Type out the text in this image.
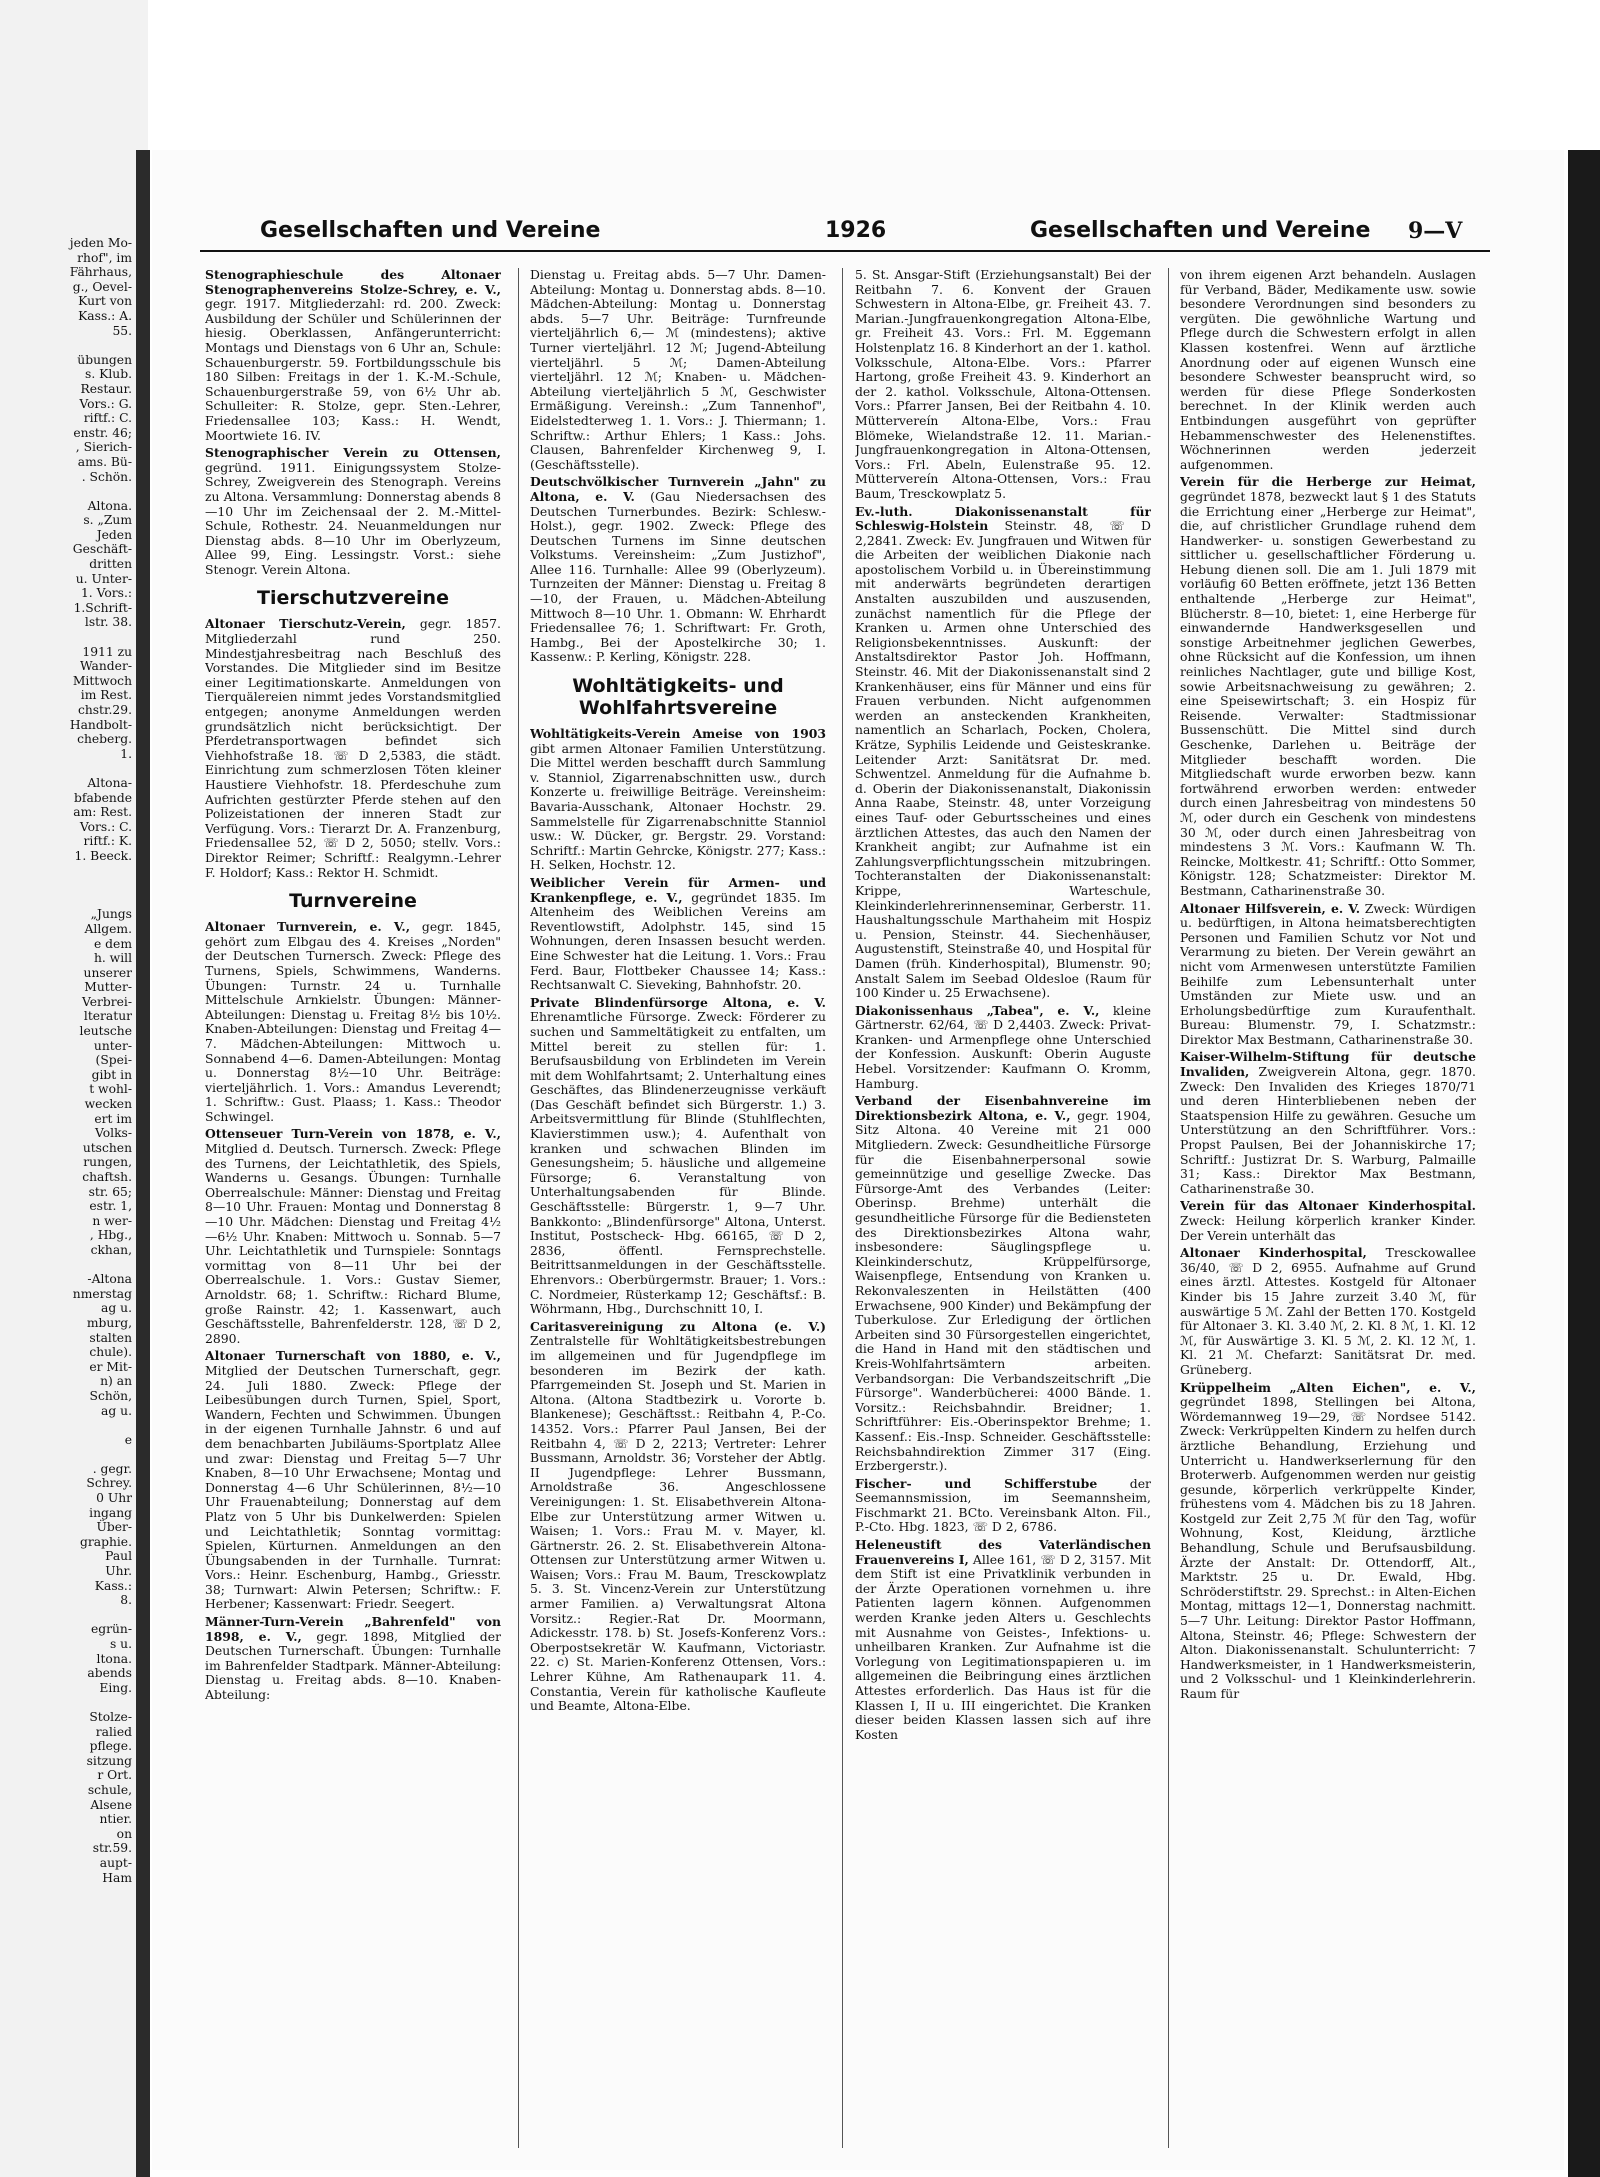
jeden Mo-
rhof", im
Fährhaus,
g., Oevel-
Kurt von
Kass.: A.
55.

übungen
s. Klub.
Restaur.
Vors.: G.
riftf.: C.
enstr. 46;
, Sierich-
ams. Bü-
. Schön.

Altona.
s. „Zum
Jeden
Geschäft-
dritten
u. Unter-
1. Vors.:
1.Schrift-
lstr. 38.

1911 zu
Wander-
Mittwoch
im Rest.
chstr.29.
Handbolt-
cheberg.
1.

Altona-
bfabende
am: Rest.
Vors.: C.
riftf.: K.
1. Beeck.

„Jungs
Allgem.
e dem
h. will
unserer
Mutter-
Verbrei-
lteratur
leutsche
unter-
(Spei-
gibt in
t wohl-
wecken
ert im
Volks-
utschen
rungen,
chaftsh.
str. 65;
estr. 1,
n wer-
, Hbg.,
ckhan,

-Altona
nmerstag
ag u.
mburg,
stalten
chule).
er Mit-
n) an
Schön,
ag u.

e

. gegr.
Schrey.
0 Uhr
ingang
Über-
graphie.
Paul
Uhr.
Kass.:
8.

egrün-
s u.
ltona.
abends
Eing.

Stolze-
ralied
pflege.
sitzung
r Ort.
schule,
Alsene
ntier.
on
str.59.
aupt-
Ham
Gesellschaften und Vereine	1926	Gesellschaften und Vereine 9—V

Stenographieschule des Altonaer Stenographenvereins Stolze-Schrey, e. V., gegr. 1917. Mitgliederzahl: rd. 200. Zweck: Ausbildung der Schüler und Schülerinnen der hiesig. Oberklassen, Anfängerunterricht: Montags und Dienstags von 6 Uhr an, Schule: Schauenburgerstr. 59. Fortbildungsschule bis 180 Silben: Freitags in der 1. K.-M.-Schule, Schauenburgerstraße 59, von 6½ Uhr ab. Schulleiter: R. Stolze, gepr. Sten.-Lehrer, Friedensallee 103; Kass.: H. Wendt, Moortwiete 16. IV.

Stenographischer Verein zu Ottensen, gegründ. 1911. Einigungssystem Stolze-Schrey, Zweigverein des Stenograph. Vereins zu Altona. Versammlung: Donnerstag abends 8—10 Uhr im Zeichensaal der 2. M.-Mittel-Schule, Rothestr. 24. Neuanmeldungen nur Dienstag abds. 8—10 Uhr im Oberlyzeum, Allee 99, Eing. Lessingstr. Vorst.: siehe Stenogr. Verein Altona.

Tierschutzvereine

Altonaer Tierschutz-Verein, gegr. 1857. Mitgliederzahl rund 250. Mindestjahresbeitrag nach Beschluß des Vorstandes. Die Mitglieder sind im Besitze einer Legitimationskarte. Anmeldungen von Tierquälereien nimmt jedes Vorstandsmitglied entgegen; anonyme Anmeldungen werden grundsätzlich nicht berücksichtigt. Der Pferdetransportwagen befindet sich Viehhofstraße 18. ☏ D 2,5383, die städt. Einrichtung zum schmerzlosen Töten kleiner Haustiere Viehhofstr. 18. Pferdeschuhe zum Aufrichten gestürzter Pferde stehen auf den Polizeistationen der inneren Stadt zur Verfügung. Vors.: Tierarzt Dr. A. Franzenburg, Friedensallee 52, ☏ D 2, 5050; stellv. Vors.: Direktor Reimer; Schriftf.: Realgymn.-Lehrer F. Holdorf; Kass.: Rektor H. Schmidt.

Turnvereine

Altonaer Turnverein, e. V., gegr. 1845, gehört zum Elbgau des 4. Kreises „Norden" der Deutschen Turnersch. Zweck: Pflege des Turnens, Spiels, Schwimmens, Wanderns. Übungen: Turnstr. 24 u. Turnhalle Mittelschule Arnkielstr. Übungen: Männer-Abteilungen: Dienstag u. Freitag 8½ bis 10½. Knaben-Abteilungen: Dienstag und Freitag 4—7. Mädchen-Abteilungen: Mittwoch u. Sonnabend 4—6. Damen-Abteilungen: Montag u. Donnerstag 8½—10 Uhr. Beiträge: vierteljährlich. 1. Vors.: Amandus Leverendt; 1. Schriftw.: Gust. Plaass; 1. Kass.: Theodor Schwingel.

Ottenseuer Turn-Verein von 1878, e. V., Mitglied d. Deutsch. Turnersch. Zweck: Pflege des Turnens, der Leichtathletik, des Spiels, Wanderns u. Gesangs. Übungen: Turnhalle Oberrealschule: Männer: Dienstag und Freitag 8—10 Uhr. Frauen: Montag und Donnerstag 8—10 Uhr. Mädchen: Dienstag und Freitag 4½—6½ Uhr. Knaben: Mittwoch u. Sonnab. 5—7 Uhr. Leichtathletik und Turnspiele: Sonntags vormittag von 8—11 Uhr bei der Oberrealschule. 1. Vors.: Gustav Siemer, Arnoldstr. 68; 1. Schriftw.: Richard Blume, große Rainstr. 42; 1. Kassenwart, auch Geschäftsstelle, Bahrenfelderstr. 128, ☏ D 2, 2890.

Altonaer Turnerschaft von 1880, e. V., Mitglied der Deutschen Turnerschaft, gegr. 24. Juli 1880. Zweck: Pflege der Leibesübungen durch Turnen, Spiel, Sport, Wandern, Fechten und Schwimmen. Übungen in der eigenen Turnhalle Jahnstr. 6 und auf dem benachbarten Jubiläums-Sportplatz Allee und zwar: Dienstag und Freitag 5—7 Uhr Knaben, 8—10 Uhr Erwachsene; Montag und Donnerstag 4—6 Uhr Schülerinnen, 8½—10 Uhr Frauenabteilung; Donnerstag auf dem Platz von 5 Uhr bis Dunkelwerden: Spielen und Leichtathletik; Sonntag vormittag: Spielen, Kürturnen. Anmeldungen an den Übungsabenden in der Turnhalle. Turnrat: Vors.: Heinr. Eschenburg, Hambg., Griesstr. 38; Turnwart: Alwin Petersen; Schriftw.: F. Herbener; Kassenwart: Friedr. Seegert.

Männer-Turn-Verein „Bahrenfeld" von 1898, e. V., gegr. 1898, Mitglied der Deutschen Turnerschaft. Übungen: Turnhalle im Bahrenfelder Stadtpark. Männer-Abteilung: Dienstag u. Freitag abds. 8—10. Knaben-Abteilung:

Dienstag u. Freitag abds. 5—7 Uhr. Damen-Abteilung: Montag u. Donnerstag abds. 8—10. Mädchen-Abteilung: Montag u. Donnerstag abds. 5—7 Uhr. Beiträge: Turnfreunde vierteljährlich 6,— ℳ (mindestens); aktive Turner vierteljährl. 12 ℳ; Jugend-Abteilung vierteljährl. 5 ℳ; Damen-Abteilung vierteljährl. 12 ℳ; Knaben- u. Mädchen-Abteilung vierteljährlich 5 ℳ, Geschwister Ermäßigung. Vereinsh.: „Zum Tannenhof", Eidelstedterweg 1. 1. Vors.: J. Thiermann; 1. Schriftw.: Arthur Ehlers; 1 Kass.: Johs. Clausen, Bahrenfelder Kirchenweg 9, I. (Geschäftsstelle).

Deutschvölkischer Turnverein „Jahn" zu Altona, e. V. (Gau Niedersachsen des Deutschen Turnerbundes. Bezirk: Schlesw.-Holst.), gegr. 1902. Zweck: Pflege des Deutschen Turnens im Sinne deutschen Volkstums. Vereinsheim: „Zum Justizhof", Allee 116. Turnhalle: Allee 99 (Oberlyzeum). Turnzeiten der Männer: Dienstag u. Freitag 8—10, der Frauen, u. Mädchen-Abteilung Mittwoch 8—10 Uhr. 1. Obmann: W. Ehrhardt Friedensallee 76; 1. Schriftwart: Fr. Groth, Hambg., Bei der Apostelkirche 30; 1. Kassenw.: P. Kerling, Königstr. 228.

Wohltätigkeits- und Wohlfahrtsvereine

Wohltätigkeits-Verein Ameise von 1903 gibt armen Altonaer Familien Unterstützung. Die Mittel werden beschafft durch Sammlung v. Stanniol, Zigarrenabschnitten usw., durch Konzerte u. freiwillige Beiträge. Vereinsheim: Bavaria-Ausschank, Altonaer Hochstr. 29. Sammelstelle für Zigarrenabschnitte Stanniol usw.: W. Dücker, gr. Bergstr. 29. Vorstand: Schriftf.: Martin Gehrcke, Königstr. 277; Kass.: H. Selken, Hochstr. 12.

Weiblicher Verein für Armen- und Krankenpflege, e. V., gegründet 1835. Im Altenheim des Weiblichen Vereins am Reventlowstift, Adolphstr. 145, sind 15 Wohnungen, deren Insassen besucht werden. Eine Schwester hat die Leitung. 1. Vors.: Frau Ferd. Baur, Flottbeker Chaussee 14; Kass.: Rechtsanwalt C. Sieveking, Bahnhofstr. 20.

Private Blindenfürsorge Altona, e. V. Ehrenamtliche Fürsorge. Zweck: Förderer zu suchen und Sammeltätigkeit zu entfalten, um Mittel bereit zu stellen für: 1. Berufsausbildung von Erblindeten im Verein mit dem Wohlfahrtsamt; 2. Unterhaltung eines Geschäftes, das Blindenerzeugnisse verkäuft (Das Geschäft befindet sich Bürgerstr. 1.) 3. Arbeitsvermittlung für Blinde (Stuhlflechten, Klavierstimmen usw.); 4. Aufenthalt von kranken und schwachen Blinden im Genesungsheim; 5. häusliche und allgemeine Fürsorge; 6. Veranstaltung von Unterhaltungsabenden für Blinde. Geschäftsstelle: Bürgerstr. 1, 9—7 Uhr. Bankkonto: „Blindenfürsorge" Altona, Unterst. Institut, Postscheck- Hbg. 66165, ☏ D 2, 2836, öffentl. Fernsprechstelle. Beitrittsanmeldungen in der Geschäftsstelle. Ehrenvors.: Oberbürgermstr. Brauer; 1. Vors.: C. Nordmeier, Rüsterkamp 12; Geschäftsf.: B. Wöhrmann, Hbg., Durchschnitt 10, I.

Caritasvereinigung zu Altona (e. V.) Zentralstelle für Wohltätigkeitsbestrebungen im allgemeinen und für Jugendpflege im besonderen im Bezirk der kath. Pfarrgemeinden St. Joseph und St. Marien in Altona. (Altona Stadtbezirk u. Vororte b. Blankenese); Geschäftsst.: Reitbahn 4, P.-Co. 14352. Vors.: Pfarrer Paul Jansen, Bei der Reitbahn 4, ☏ D 2, 2213; Vertreter: Lehrer Bussmann, Arnoldstr. 36; Vorsteher der Abtlg. II Jugendpflege: Lehrer Bussmann, Arnoldstraße 36. Angeschlossene Vereinigungen: 1. St. Elisabethverein Altona-Elbe zur Unterstützung armer Witwen u. Waisen; 1. Vors.: Frau M. v. Mayer, kl. Gärtnerstr. 26. 2. St. Elisabethverein Altona-Ottensen zur Unterstützung armer Witwen u. Waisen; Vors.: Frau M. Baum, Tresckowplatz 5. 3. St. Vincenz-Verein zur Unterstützung armer Familien. a) Verwaltungsrat Altona Vorsitz.: Regier.-Rat Dr. Moormann, Adickesstr. 178. b) St. Josefs-Konferenz Vors.: Oberpostsekretär W. Kaufmann, Victoriastr. 22. c) St. Marien-Konferenz Ottensen, Vors.: Lehrer Kühne, Am Rathenaupark 11. 4. Constantia, Verein für katholische Kaufleute und Beamte, Altona-Elbe.

5. St. Ansgar-Stift (Erziehungsanstalt) Bei der Reitbahn 7. 6. Konvent der Grauen Schwestern in Altona-Elbe, gr. Freiheit 43. 7. Marian.-Jungfrauenkongregation Altona-Elbe, gr. Freiheit 43. Vors.: Frl. M. Eggemann Holstenplatz 16. 8 Kinderhort an der 1. kathol. Volksschule, Altona-Elbe. Vors.: Pfarrer Hartong, große Freiheit 43. 9. Kinderhort an der 2. kathol. Volksschule, Altona-Ottensen. Vors.: Pfarrer Jansen, Bei der Reitbahn 4. 10. Müttervereín Altona-Elbe, Vors.: Frau Blömeke, Wielandstraße 12. 11. Marian.-Jungfrauenkongregation in Altona-Ottensen, Vors.: Frl. Abeln, Eulenstraße 95. 12. Müttervereín Altona-Ottensen, Vors.: Frau Baum, Tresckowplatz 5.

Ev.-luth. Diakonissenanstalt für Schleswig-Holstein Steinstr. 48, ☏ D 2,2841. Zweck: Ev. Jungfrauen und Witwen für die Arbeiten der weiblichen Diakonie nach apostolischem Vorbild u. in Übereinstimmung mit anderwärts begründeten derartigen Anstalten auszubilden und auszusenden, zunächst namentlich für die Pflege der Kranken u. Armen ohne Unterschied des Religionsbekenntnisses. Auskunft: der Anstaltsdirektor Pastor Joh. Hoffmann, Steinstr. 46. Mit der Diakonissenanstalt sind 2 Krankenhäuser, eins für Männer und eins für Frauen verbunden. Nicht aufgenommen werden an ansteckenden Krankheiten, namentlich an Scharlach, Pocken, Cholera, Krätze, Syphilis Leidende und Geisteskranke. Leitender Arzt: Sanitätsrat Dr. med. Schwentzel. Anmeldung für die Aufnahme b. d. Oberin der Diakonissenanstalt, Diakonissin Anna Raabe, Steinstr. 48, unter Vorzeigung eines Tauf- oder Geburtsscheines und eines ärztlichen Attestes, das auch den Namen der Krankheit angibt; zur Aufnahme ist ein Zahlungsverpflichtungsschein mitzubringen. Tochteranstalten der Diakonissenanstalt: Krippe, Warteschule, Kleinkinderlehrerinnenseminar, Gerberstr. 11. Haushaltungsschule Marthaheim mit Hospiz u. Pension, Steinstr. 44. Siechenhäuser, Augustenstift, Steinstraße 40, und Hospital für Damen (früh. Kinderhospital), Blumenstr. 90; Anstalt Salem im Seebad Oldesloe (Raum für 100 Kinder u. 25 Erwachsene).

Diakonissenhaus „Tabea", e. V., kleine Gärtnerstr. 62/64, ☏ D 2,4403. Zweck: Privat-Kranken- und Armenpflege ohne Unterschied der Konfession. Auskunft: Oberin Auguste Hebel. Vorsitzender: Kaufmann O. Kromm, Hamburg.

Verband der Eisenbahnvereine im Direktionsbezirk Altona, e. V., gegr. 1904, Sitz Altona. 40 Vereine mit 21 000 Mitgliedern. Zweck: Gesundheitliche Fürsorge für die Eisenbahnerpersonal sowie gemeinnützige und gesellige Zwecke. Das Fürsorge-Amt des Verbandes (Leiter: Oberinsp. Brehme) unterhält die gesundheitliche Fürsorge für die Bediensteten des Direktionsbezirkes Altona wahr, insbesondere: Säuglingspflege u. Kleinkinderschutz, Krüppelfürsorge, Waisenpflege, Entsendung von Kranken u. Rekonvaleszenten in Heilstätten (400 Erwachsene, 900 Kinder) und Bekämpfung der Tuberkulose. Zur Erledigung der örtlichen Arbeiten sind 30 Fürsorgestellen eingerichtet, die Hand in Hand mit den städtischen und Kreis-Wohlfahrtsämtern arbeiten. Verbandsorgan: Die Verbandszeitschrift „Die Fürsorge". Wanderbücherei: 4000 Bände. 1. Vorsitz.: Reichsbahndir. Breidner; 1. Schriftführer: Eis.-Oberinspektor Brehme; 1. Kassenf.: Eis.-Insp. Schneider. Geschäftsstelle: Reichsbahndirektion Zimmer 317 (Eing. Erzbergerstr.).

Fischer- und Schifferstube	der Seemannsmission, im Seemannsheim, Fischmarkt 21. BCto. Vereinsbank Alton. Fil., P.-Cto. Hbg. 1823, ☏ D 2, 6786.

Heleneustift des Vaterländischen Frauenvereins I, Allee 161, ☏ D 2, 3157. Mit dem Stift ist eine Privatklinik verbunden in der Ärzte Operationen vornehmen u. ihre Patienten lagern können. Aufgenommen werden Kranke jeden Alters u. Geschlechts mit Ausnahme von Geistes-, Infektions- u. unheilbaren Kranken. Zur Aufnahme ist die Vorlegung von Legitimationspapieren u. im allgemeinen die Beibringung eines ärztlichen Attestes erforderlich. Das Haus ist für die Klassen I, II u. III eingerichtet. Die Kranken dieser beiden Klassen lassen sich auf ihre Kosten

von ihrem eigenen Arzt behandeln. Auslagen für Verband, Bäder, Medikamente usw. sowie besondere Verordnungen sind besonders zu vergüten. Die gewöhnliche Wartung und Pflege durch die Schwestern erfolgt in allen Klassen kostenfrei. Wenn auf ärztliche Anordnung oder auf eigenen Wunsch eine besondere Schwester beansprucht wird, so werden für diese Pflege Sonderkosten berechnet. In der Klinik werden auch Entbindungen ausgeführt von geprüfter Hebammenschwester des Helenenstiftes. Wöchnerinnen werden jederzeit aufgenommen.

Verein für die Herberge zur Heimat, gegründet 1878, bezweckt laut § 1 des Statuts die Errichtung einer „Herberge zur Heimat", die, auf christlicher Grundlage ruhend dem Handwerker- u. sonstigen Gewerbestand zu sittlicher u. gesellschaftlicher Förderung u. Hebung dienen soll. Die am 1. Juli 1879 mit vorläufig 60 Betten eröffnete, jetzt 136 Betten enthaltende „Herberge zur Heimat", Blücherstr. 8—10, bietet: 1, eine Herberge für einwandernde Handwerksgesellen und sonstige Arbeitnehmer jeglichen Gewerbes, ohne Rücksicht auf die Konfession, um ihnen reinliches Nachtlager, gute und billige Kost, sowie Arbeitsnachweisung zu gewähren; 2. eine Speisewirtschaft; 3. ein Hospiz für Reisende. Verwalter: Stadtmissionar Bussenschütt. Die Mittel sind durch Geschenke, Darlehen u. Beiträge der Mitglieder beschafft worden. Die Mitgliedschaft wurde erworben bezw. kann fortwährend erworben werden: entweder durch einen Jahresbeitrag von mindestens 50 ℳ, oder durch ein Geschenk von mindestens 30 ℳ, oder durch einen Jahresbeitrag von mindestens 3 ℳ. Vors.: Kaufmann W. Th. Reincke, Moltkestr. 41; Schriftf.: Otto Sommer, Königstr. 128; Schatzmeister: Direktor M. Bestmann, Catharinenstraße 30.

Altonaer Hilfsverein, e. V. Zweck: Würdigen u. bedürftigen, in Altona heimatsberechtigten Personen und Familien Schutz vor Not und Verarmung zu bieten. Der Verein gewährt an nicht vom Armenwesen unterstützte Familien Beihilfe zum Lebensunterhalt unter Umständen zur Miete usw. und an Erholungsbedürftige zum Kuraufenthalt. Bureau: Blumenstr. 79, I. Schatzmstr.: Direktor Max Bestmann, Catharinenstraße 30.

Kaiser-Wilhelm-Stiftung für deutsche Invaliden, Zweigverein Altona, gegr. 1870. Zweck: Den Invaliden des Krieges 1870/71 und deren Hinterbliebenen neben der Staatspension Hilfe zu gewähren. Gesuche um Unterstützung an den Schriftführer. Vors.: Propst Paulsen, Bei der Johanniskirche 17; Schriftf.: Justizrat Dr. S. Warburg, Palmaille 31; Kass.: Direktor Max Bestmann, Catharinenstraße 30.

Verein für das Altonaer Kinderhospital. Zweck: Heilung körperlich kranker Kinder. Der Verein unterhält das

Altonaer Kinderhospital, Tresckowallee 36/40, ☏ D 2, 6955. Aufnahme auf Grund eines ärztl. Attestes. Kostgeld für Altonaer Kinder bis 15 Jahre zurzeit 3.40 ℳ, für auswärtige 5 ℳ. Zahl der Betten 170. Kostgeld für Altonaer 3. Kl. 3.40 ℳ, 2. Kl. 8 ℳ, 1. Kl. 12 ℳ, für Auswärtige 3. Kl. 5 ℳ, 2. Kl. 12 ℳ, 1. Kl. 21 ℳ. Chefarzt: Sanitätsrat Dr. med. Grüneberg.

Krüppelheim „Alten Eichen", e. V., gegründet 1898, Stellingen bei Altona, Wördemannweg 19—29, ☏ Nordsee 5142. Zweck: Verkrüppelten Kindern zu helfen durch ärztliche Behandlung, Erziehung und Unterricht u. Handwerkserlernung für den Broterwerb. Aufgenommen werden nur geistig gesunde, körperlich verkrüppelte Kinder, frühestens vom 4. Mädchen bis zu 18 Jahren. Kostgeld zur Zeit 2,75 ℳ für den Tag, wofür Wohnung, Kost, Kleidung, ärztliche Behandlung, Schule und Berufsausbildung. Ärzte der Anstalt: Dr. Ottendorff, Alt., Marktstr. 25 u. Dr. Ewald, Hbg. Schröderstiftstr. 29. Sprechst.: in Alten-Eichen Montag, mittags 12—1, Donnerstag nachmitt. 5—7 Uhr. Leitung: Direktor Pastor Hoffmann, Altona, Steinstr. 46; Pflege: Schwestern der Alton. Diakonissenanstalt. Schulunterricht: 7 Handwerksmeister, in 1 Handwerksmeisterin, und 2 Volksschul- und 1 Kleinkinderlehrerin. Raum für
